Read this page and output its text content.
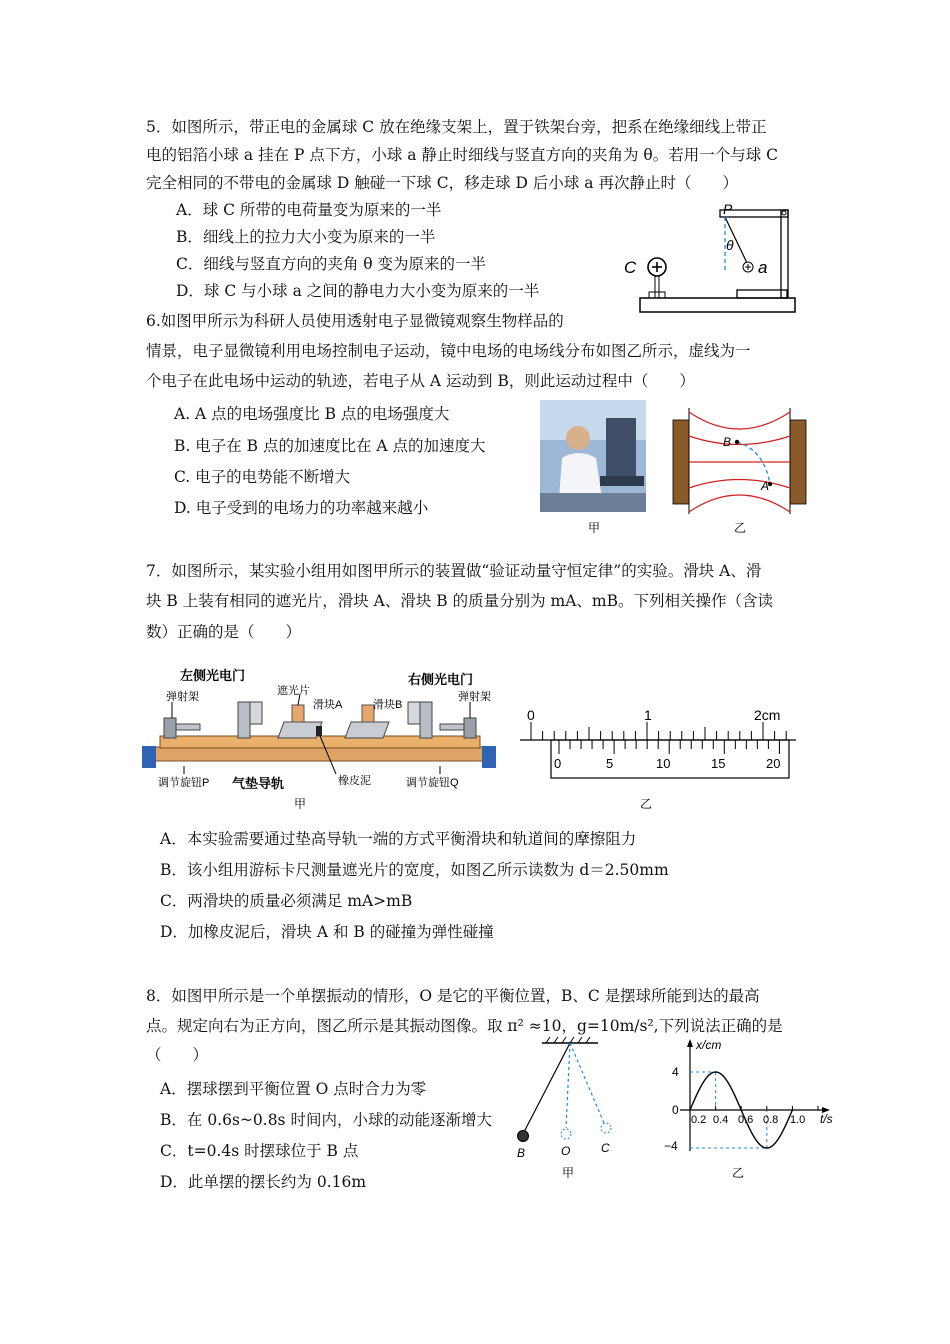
5．如图所示，带正电的金属球 C 放在绝缘支架上，置于铁架台旁，把系在绝缘细线上带正
电的铝箔小球 a 挂在 P 点下方，小球 a 静止时细线与竖直方向的夹角为 θ。若用一个与球 C
完全相同的不带电的金属球 D 触碰一下球 C，移走球 D 后小球 a 再次静止时（　　）
A．球 C 所带的电荷量变为原来的一半
B．细线上的拉力大小变为原来的一半
C．细线与竖直方向的夹角 θ 变为原来的一半
D．球 C 与小球 a 之间的静电力大小变为原来的一半
P
θ
C	a
6.如图甲所示为科研人员使用透射电子显微镜观察生物样品的
情景，电子显微镜利用电场控制电子运动，镜中电场的电场线分布如图乙所示，虚线为一
个电子在此电场中运动的轨迹，若电子从 A 运动到 B，则此运动过程中（　　）
A. A 点的电场强度比 B 点的电场强度大
B. 电子在 B 点的加速度比在 A 点的加速度大
C. 电子的电势能不断增大
D. 电子受到的电场力的功率越来越小
B
A
甲	乙
7．如图所示，某实验小组用如图甲所示的装置做“验证动量守恒定律”的实验。滑块 A、滑
块 B 上装有相同的遮光片，滑块 A、滑块 B 的质量分别为 mA、mB。下列相关操作（含读
数）正确的是（　　）
左侧光电门	右侧光电门
遮光片
滑块A	滑块B
弹射架	弹射架
橡皮泥
调节旋钮P	调节旋钮Q
气垫导轨
甲
0	1	2cm
0	5	10	15	20
乙
A．本实验需要通过垫高导轨一端的方式平衡滑块和轨道间的摩擦阻力
B．该小组用游标卡尺测量遮光片的宽度，如图乙所示读数为 d＝2.50mm
C．两滑块的质量必须满足 mA>mB
D．加橡皮泥后，滑块 A 和 B 的碰撞为弹性碰撞
8．如图甲所示是一个单摆振动的情形，O 是它的平衡位置，B、C 是摆球所能到达的最高
点。规定向右为正方向，图乙所示是其振动图像。取 π² ≈10，g=10m/s²,下列说法正确的是
（　　）
A．摆球摆到平衡位置 O 点时合力为零
B．在 0.6s~0.8s 时间内，小球的动能逐渐增大
C．t=0.4s 时摆球位于 B 点
D．此单摆的摆长约为 0.16m
B	O	C
甲
x/cm
t/s
4
0
−4
0.2 0.4 0.6 0.8 1.0
乙
